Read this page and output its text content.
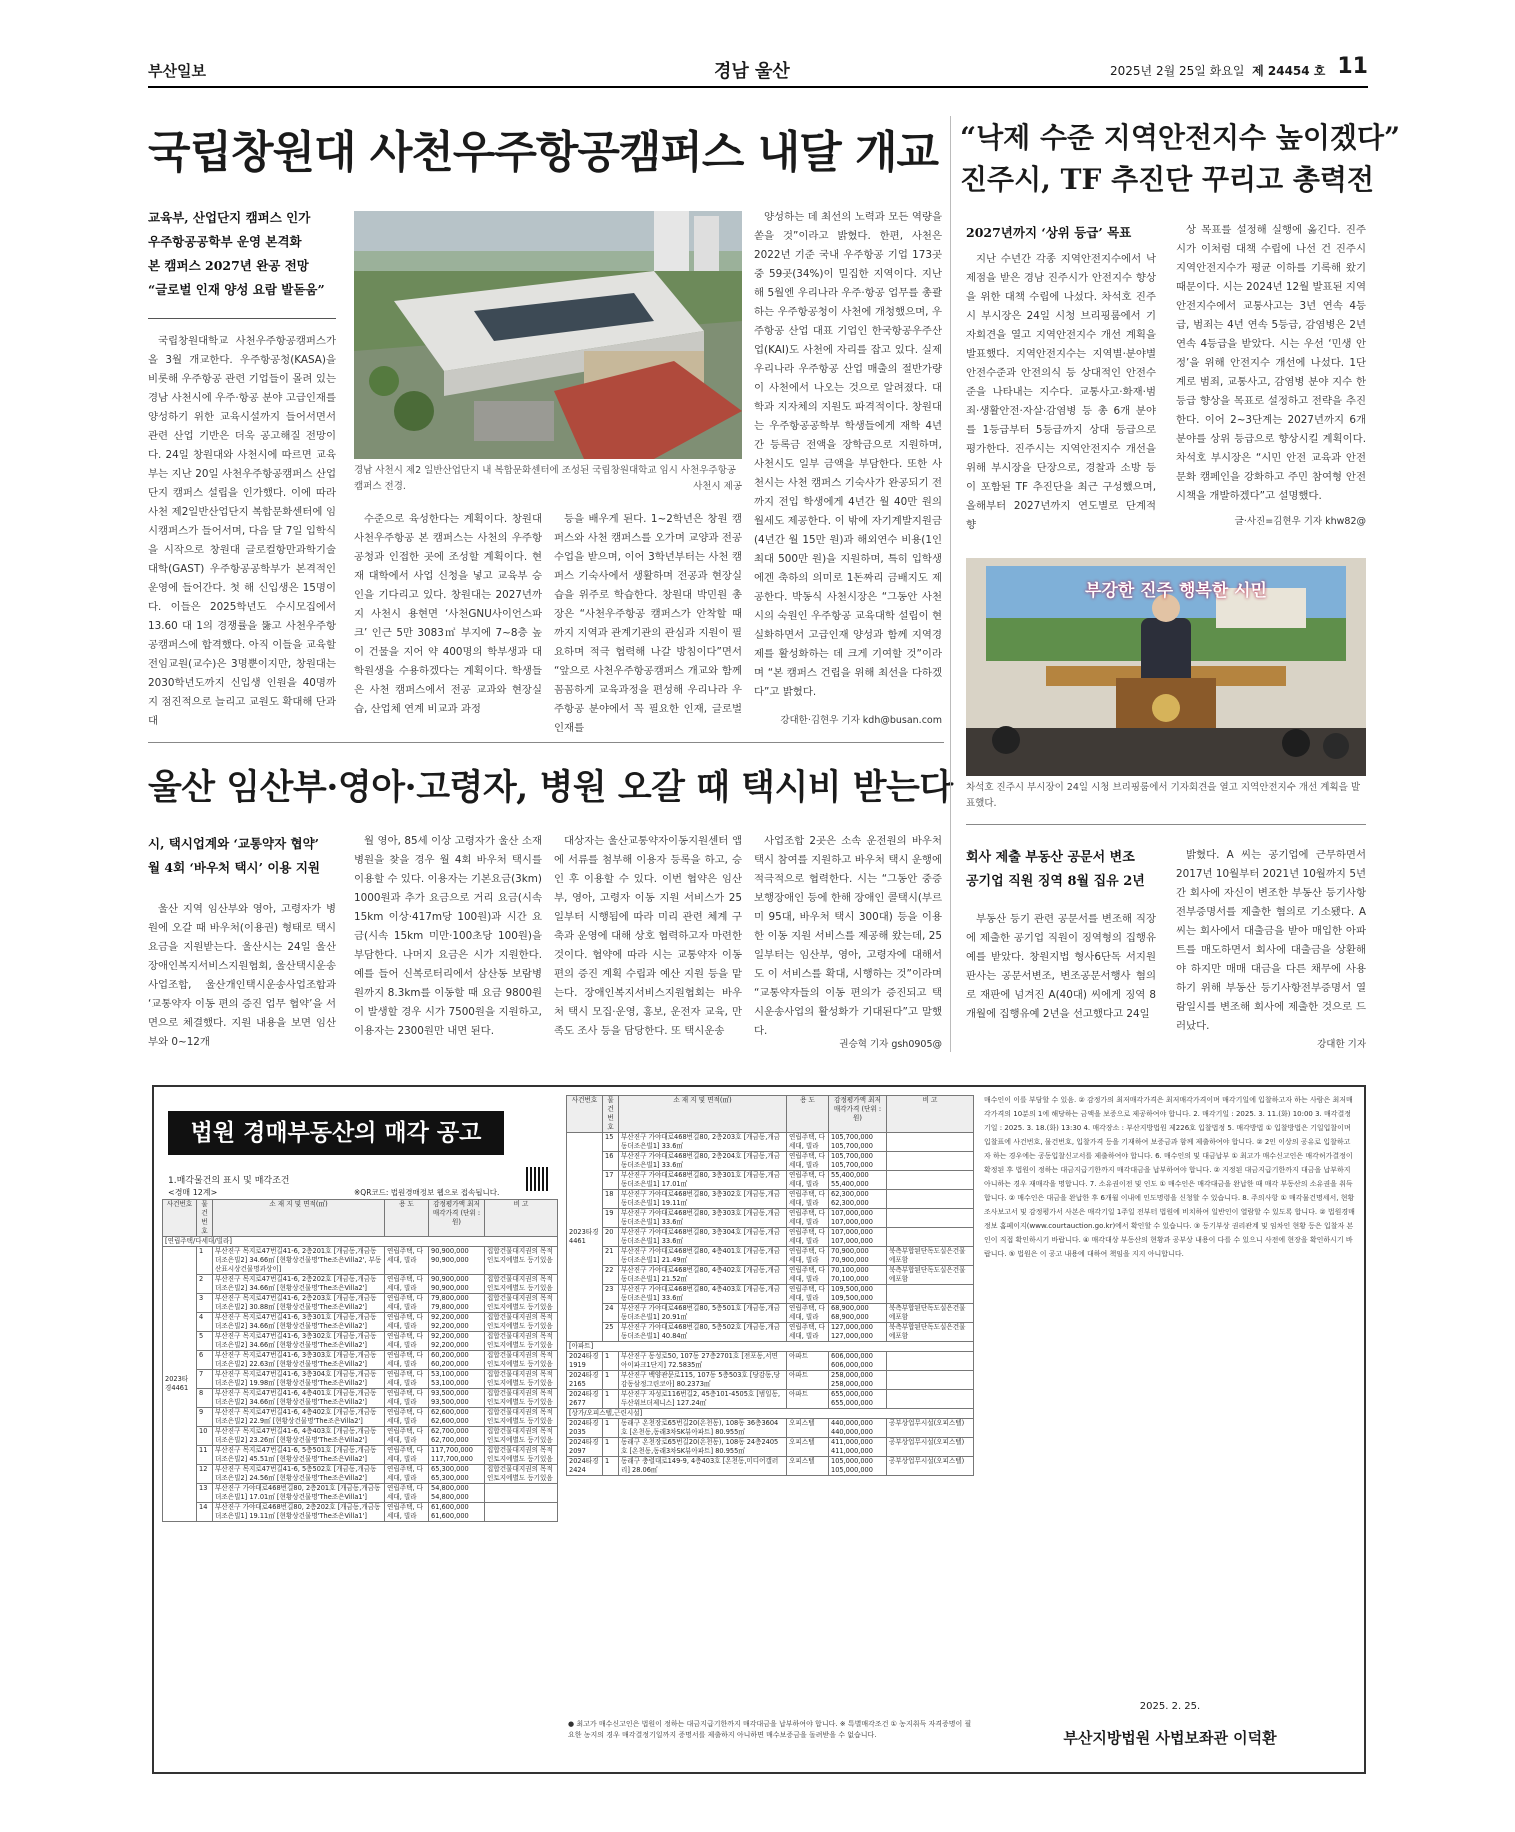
부산일보	경남 울산	2025년 2월 25일 화요일 제 24454 호 11
국립창원대 사천우주항공캠퍼스 내달 개교
교육부, 산업단지 캠퍼스 인가
우주항공공학부 운영 본격화
본 캠퍼스 2027년 완공 전망
“글로벌 인재 양성 요람 발돋움”

국립창원대학교 사천우주항공캠퍼스가 올 3월 개교한다. 우주항공청(KASA)을 비롯해 우주항공 관련 기업들이 몰려 있는 경남 사천시에 우주·항공 분야 고급인재를 양성하기 위한 교육시설까지 들어서면서 관련 산업 기반은 더욱 공고해질 전망이다. 24일 창원대와 사천시에 따르면 교육부는 지난 20일 사천우주항공캠퍼스 산업단지 캠퍼스 설립을 인가했다. 이에 따라 사천 제2일반산업단지 복합문화센터에 임시캠퍼스가 들어서며, 다음 달 7일 입학식을 시작으로 창원대 글로컬항만과학기술대학(GAST) 우주항공공학부가 본격적인 운영에 들어간다. 첫 해 신입생은 15명이다. 이들은 2025학년도 수시모집에서 13.60 대 1의 경쟁률을 뚫고 사천우주항공캠퍼스에 합격했다. 아직 이들을 교육할 전임교원(교수)은 3명뿐이지만, 창원대는 2030학년도까지 신입생 인원을 40명까지 점진적으로 늘리고 교원도 확대해 단과대

경남 사천시 제2 일반산업단지 내 복합문화센터에 조성된 국립창원대학교 임시 사천우주항공캠퍼스 전경.	사천시 제공

수준으로 육성한다는 계획이다. 창원대 사천우주항공 본 캠퍼스는 사천의 우주항공청과 인접한 곳에 조성할 계획이다. 현재 대학에서 사업 신청을 넣고 교육부 승인을 기다리고 있다. 창원대는 2027년까지 사천시 용현면 ‘사천GNU사이언스파크’ 인근 5만 3083㎡ 부지에 7~8층 높이 건물을 지어 약 400명의 학부생과 대학원생을 수용하겠다는 계획이다. 학생들은 사천 캠퍼스에서 전공 교과와 현장실습, 산업체 연계 비교과 과정

등을 배우게 된다. 1~2학년은 창원 캠퍼스와 사천 캠퍼스를 오가며 교양과 전공 수업을 받으며, 이어 3학년부터는 사천 캠퍼스 기숙사에서 생활하며 전공과 현장실습을 위주로 학습한다. 창원대 박민원 총장은 “사천우주항공 캠퍼스가 안착할 때까지 지역과 관계기관의 관심과 지원이 필요하며 적극 협력해 나갈 방침이다”면서 “앞으로 사천우주항공캠퍼스 개교와 함께 꼼꼼하게 교육과정을 편성해 우리나라 우주항공 분야에서 꼭 필요한 인재, 글로벌 인재를

양성하는 데 최선의 노력과 모든 역량을 쏟을 것”이라고 밝혔다. 한편, 사천은 2022년 기준 국내 우주항공 기업 173곳 중 59곳(34%)이 밀집한 지역이다. 지난해 5월엔 우리나라 우주·항공 업무를 총괄하는 우주항공청이 사천에 개청했으며, 우주항공 산업 대표 기업인 한국항공우주산업(KAI)도 사천에 자리를 잡고 있다. 실제 우리나라 우주항공 산업 매출의 절반가량이 사천에서 나오는 것으로 알려졌다. 대학과 지자체의 지원도 파격적이다. 창원대는 우주항공공학부 학생들에게 재학 4년간 등록금 전액을 장학금으로 지원하며, 사천시도 일부 금액을 부담한다. 또한 사천시는 사천 캠퍼스 기숙사가 완공되기 전까지 전입 학생에게 4년간 월 40만 원의 월세도 제공한다. 이 밖에 자기계발지원금(4년간 월 15만 원)과 해외연수 비용(1인 최대 500만 원)을 지원하며, 특히 입학생에겐 축하의 의미로 1돈짜리 금배지도 제공한다. 박동식 사천시장은 “그동안 사천시의 숙원인 우주항공 교육대학 설립이 현실화하면서 고급인재 양성과 함께 지역경제를 활성화하는 데 크게 기여할 것”이라며 “본 캠퍼스 건립을 위해 최선을 다하겠다”고 밝혔다.

강대한·김현우 기자 kdh@busan.com
울산 임산부·영아·고령자, 병원 오갈 때 택시비 받는다
시, 택시업계와 ‘교통약자 협약’
월 4회 ‘바우처 택시’ 이용 지원

울산 지역 임산부와 영아, 고령자가 병원에 오갈 때 바우처(이용권) 형태로 택시 요금을 지원받는다. 울산시는 24일 울산장애인복지서비스지원협회, 울산택시운송사업조합, 울산개인택시운송사업조합과 ‘교통약자 이동 편의 증진 업무 협약’을 서면으로 체결했다. 지원 내용을 보면 임산부와 0~12개

월 영아, 85세 이상 고령자가 울산 소재 병원을 찾을 경우 월 4회 바우처 택시를 이용할 수 있다. 이용자는 기본요금(3km) 1000원과 추가 요금으로 거리 요금(시속 15km 이상·417m당 100원)과 시간 요금(시속 15km 미만·100초당 100원)을 부담한다. 나머지 요금은 시가 지원한다. 예를 들어 신복로터리에서 삼산동 보람병원까지 8.3km를 이동할 때 요금 9800원이 발생할 경우 시가 7500원을 지원하고, 이용자는 2300원만 내면 된다.

대상자는 울산교통약자이동지원센터 앱에 서류를 첨부해 이용자 등록을 하고, 승인 후 이용할 수 있다. 이번 협약은 임산부, 영아, 고령자 이동 지원 서비스가 25일부터 시행됨에 따라 미리 관련 체계 구축과 운영에 대해 상호 협력하고자 마련한 것이다. 협약에 따라 시는 교통약자 이동 편의 증진 계획 수립과 예산 지원 등을 맡는다. 장애인복지서비스지원협회는 바우처 택시 모집·운영, 홍보, 운전자 교육, 만족도 조사 등을 담당한다. 또 택시운송

사업조합 2곳은 소속 운전원의 바우처 택시 참여를 지원하고 바우처 택시 운행에 적극적으로 협력한다. 시는 “그동안 중증보행장애인 등에 한해 장애인 콜택시(부르미 95대, 바우처 택시 300대) 등을 이용한 이동 지원 서비스를 제공해 왔는데, 25일부터는 임산부, 영아, 고령자에 대해서도 이 서비스를 확대, 시행하는 것”이라며 “교통약자들의 이동 편의가 증진되고 택시운송사업의 활성화가 기대된다”고 말했다.

권승혁 기자 gsh0905@
“낙제 수준 지역안전지수 높이겠다”
진주시, TF 추진단 꾸리고 총력전
2027년까지 ‘상위 등급’ 목표

지난 수년간 각종 지역안전지수에서 낙제점을 받은 경남 진주시가 안전지수 향상을 위한 대책 수립에 나섰다. 차석호 진주시 부시장은 24일 시청 브리핑룸에서 기자회견을 열고 지역안전지수 개선 계획을 발표했다. 지역안전지수는 지역별·분야별 안전수준과 안전의식 등 상대적인 안전수준을 나타내는 지수다. 교통사고·화재·범죄·생활안전·자살·감염병 등 총 6개 분야를 1등급부터 5등급까지 상대 등급으로 평가한다. 진주시는 지역안전지수 개선을 위해 부시장을 단장으로, 경찰과 소방 등이 포함된 TF 추진단을 최근 구성했으며, 올해부터 2027년까지 연도별로 단계적 향

상 목표를 설정해 실행에 옮긴다. 진주시가 이처럼 대책 수립에 나선 건 진주시 지역안전지수가 평균 이하를 기록해 왔기 때문이다. 시는 2024년 12월 발표된 지역안전지수에서 교통사고는 3년 연속 4등급, 범죄는 4년 연속 5등급, 감염병은 2년 연속 4등급을 받았다. 시는 우선 ‘민생 안정’을 위해 안전지수 개선에 나섰다. 1단계로 범죄, 교통사고, 감염병 분야 지수 한 등급 향상을 목표로 설정하고 전략을 추진한다. 이어 2~3단계는 2027년까지 6개 분야를 상위 등급으로 향상시킬 계획이다. 차석호 부시장은 “시민 안전 교육과 안전 문화 캠페인을 강화하고 주민 참여형 안전 시책을 개발하겠다”고 설명했다.

글·사진=김현우 기자 khw82@
부강한 진주 행복한 시민
차석호 진주시 부시장이 24일 시청 브리핑룸에서 기자회견을 열고 지역안전지수 개선 계획을 발표했다.
회사 제출 부동산 공문서 변조
공기업 직원 징역 8월 집유 2년

부동산 등기 관련 공문서를 변조해 직장에 제출한 공기업 직원이 징역형의 집행유예를 받았다. 창원지법 형사6단독 서지원 판사는 공문서변조, 변조공문서행사 혐의로 재판에 넘겨진 A(40대) 씨에게 징역 8개월에 집행유예 2년을 선고했다고 24일

밝혔다. A 씨는 공기업에 근무하면서 2017년 10월부터 2021년 10월까지 5년간 회사에 자신이 변조한 부동산 등기사항전부증명서를 제출한 혐의로 기소됐다. A 씨는 회사에서 대출금을 받아 매입한 아파트를 매도하면서 회사에 대출금을 상환해야 하지만 매매 대금을 다른 채무에 사용하기 위해 부동산 등기사항전부증명서 열람일시를 변조해 회사에 제출한 것으로 드러났다.

강대한 기자
법원 경매부동산의 매각 공고
1.매각물건의 표시 및 매각조건
<경매 12계>	※QR코드: 법원경매정보 웹으로 접속됩니다.
사건번호	물건번호	소 재 지 및 면적(㎡)	용 도	감정평가액 최저매각가격 (단위 : 원)	비 고
[연립주택/다세대/빌라]					
2023타경4461	1	부산진구 목지로47번길41-6, 2층201호 [개금동,개금동더조은빌2] 34.66㎡ [현황상건물명'The조은Villa2', 부동산표시상건물명과상이]	연립주택, 다세대, 빌라	90,900,000 90,900,000	집합건물대지권의 목적인토지에별도 등기있음
	2	부산진구 목지로47번길41-6, 2층202호 [개금동,개금동더조은빌2] 34.66㎡ [현황상건물명'The조은Villa2']	연립주택, 다세대, 빌라	90,900,000 90,900,000	집합건물대지권의 목적인토지에별도 등기있음
	3	부산진구 목지로47번길41-6, 2층203호 [개금동,개금동더조은빌2] 30.88㎡ [현황상건물명'The조은Villa2']	연립주택, 다세대, 빌라	79,800,000 79,800,000	집합건물대지권의 목적인토지에별도 등기있음
	4	부산진구 목지로47번길41-6, 3층301호 [개금동,개금동더조은빌2] 34.66㎡ [현황상건물명'The조은Villa2']	연립주택, 다세대, 빌라	92,200,000 92,200,000	집합건물대지권의 목적인토지에별도 등기있음
	5	부산진구 목지로47번길41-6, 3층302호 [개금동,개금동더조은빌2] 34.66㎡ [현황상건물명'The조은Villa2']	연립주택, 다세대, 빌라	92,200,000 92,200,000	집합건물대지권의 목적인토지에별도 등기있음
	6	부산진구 목지로47번길41-6, 3층303호 [개금동,개금동더조은빌2] 22.63㎡ [현황상건물명'The조은Villa2']	연립주택, 다세대, 빌라	60,200,000 60,200,000	집합건물대지권의 목적인토지에별도 등기있음
	7	부산진구 목지로47번길41-6, 3층304호 [개금동,개금동더조은빌2] 19.98㎡ [현황상건물명'The조은Villa2']	연립주택, 다세대, 빌라	53,100,000 53,100,000	집합건물대지권의 목적인토지에별도 등기있음
	8	부산진구 목지로47번길41-6, 4층401호 [개금동,개금동더조은빌2] 34.66㎡ [현황상건물명'The조은Villa2']	연립주택, 다세대, 빌라	93,500,000 93,500,000	집합건물대지권의 목적인토지에별도 등기있음
	9	부산진구 목지로47번길41-6, 4층402호 [개금동,개금동더조은빌2] 22.9㎡ [현황상건물명'The조은Villa2']	연립주택, 다세대, 빌라	62,600,000 62,600,000	집합건물대지권의 목적인토지에별도 등기있음
	10	부산진구 목지로47번길41-6, 4층403호 [개금동,개금동더조은빌2] 23.26㎡ [현황상건물명'The조은Villa2']	연립주택, 다세대, 빌라	62,700,000 62,700,000	집합건물대지권의 목적인토지에별도 등기있음
	11	부산진구 목지로47번길41-6, 5층501호 [개금동,개금동더조은빌2] 45.51㎡ [현황상건물명'The조은Villa2']	연립주택, 다세대, 빌라	117,700,000 117,700,000	집합건물대지권의 목적인토지에별도 등기있음
	12	부산진구 목지로47번길41-6, 5층502호 [개금동,개금동더조은빌2] 24.56㎡ [현황상건물명'The조은Villa2']	연립주택, 다세대, 빌라	65,300,000 65,300,000	집합건물대지권의 목적인토지에별도 등기있음
	13	부산진구 가야대로468번길80, 2층201호 [개금동,개금동더조은빌1] 17.01㎡ [현황상건물명'The조은Villa1']	연립주택, 다세대, 빌라	54,800,000 54,800,000	
	14	부산진구 가야대로468번길80, 2층202호 [개금동,개금동더조은빌1] 19.11㎡ [현황상건물명'The조은Villa1']	연립주택, 다세대, 빌라	61,600,000 61,600,000	
사건번호	물건번호	소 재 지 및 면적(㎡)	용 도	감정평가액 최저매각가격 (단위 : 원)	비 고
2023타경4461	15	부산진구 가야대로468번길80, 2층203호 [개금동,개금동더조은빌1] 33.6㎡	연립주택, 다세대, 빌라	105,700,000 105,700,000	
	16	부산진구 가야대로468번길80, 2층204호 [개금동,개금동더조은빌1] 33.6㎡	연립주택, 다세대, 빌라	105,700,000 105,700,000	
	17	부산진구 가야대로468번길80, 3층301호 [개금동,개금동더조은빌1] 17.01㎡	연립주택, 다세대, 빌라	55,400,000 55,400,000	
	18	부산진구 가야대로468번길80, 3층302호 [개금동,개금동더조은빌1] 19.11㎡	연립주택, 다세대, 빌라	62,300,000 62,300,000	
	19	부산진구 가야대로468번길80, 3층303호 [개금동,개금동더조은빌1] 33.6㎡	연립주택, 다세대, 빌라	107,000,000 107,000,000	
	20	부산진구 가야대로468번길80, 3층304호 [개금동,개금동더조은빌1] 33.6㎡	연립주택, 다세대, 빌라	107,000,000 107,000,000	
	21	부산진구 가야대로468번길80, 4층401호 [개금동,개금동더조은빌1] 21.49㎡	연립주택, 다세대, 빌라	70,900,000 70,900,000	북측부합된단독도실은건물에포함
	22	부산진구 가야대로468번길80, 4층402호 [개금동,개금동더조은빌1] 21.52㎡	연립주택, 다세대, 빌라	70,100,000 70,100,000	북측부합된단독도실은건물에포함
	23	부산진구 가야대로468번길80, 4층403호 [개금동,개금동더조은빌1] 33.6㎡	연립주택, 다세대, 빌라	109,500,000 109,500,000	
	24	부산진구 가야대로468번길80, 5층501호 [개금동,개금동더조은빌1] 20.91㎡	연립주택, 다세대, 빌라	68,900,000 68,900,000	북측부합된단독도실은건물에포함
	25	부산진구 가야대로468번길80, 5층502호 [개금동,개금동더조은빌1] 40.84㎡	연립주택, 다세대, 빌라	127,000,000 127,000,000	북측부합된단독도실은건물에포함
[아파트]					
2024타경1919	1	부산진구 동성로50, 107동 27층2701호 [전포동,서면아이파크1단지] 72.5835㎡	아파트	606,000,000 606,000,000	
2024타경2165	1	부산진구 백양관문로115, 107동 5층503호 [당감동,당감동삼정그린코아] 80.2373㎡	아파트	258,000,000 258,000,000	
2024타경2677	1	부산진구 자성로116번길2, 45층101-4505호 [범일동,두산위브더제니스] 127.24㎡	아파트	655,000,000 655,000,000	
[상가/오피스텔,근린시설]					
2024타경2035	1	동래구 온천장로65번길20(온천동), 108동 36층3604호 [온천동,동래3차SK뷰아파트] 80.955㎡	오피스텔	440,000,000 440,000,000	공부상업무시설(오피스텔)
2024타경2097	1	동래구 온천장로65번길20(온천동), 108동 24층2405호 [온천동,동래3차SK뷰아파트] 80.955㎡	오피스텔	411,000,000 411,000,000	공부상업무시설(오피스텔)
2024타경2424	1	동래구 충렬대로149-9, 4층403호 [온천동,미디어갤러리] 28.06㎡	오피스텔	105,000,000 105,000,000	공부상업무시설(오피스텔)
● 최고가 매수신고인은 법원이 정하는 대금지급기한까지 매각대금을 납부하여야 합니다. ※ 특별매각조건 ① 농지취득 자격증명이 필요한 농지의 경우 매각결정기일까지 증명서를 제출하지 아니하면 매수보증금을 돌려받을 수 없습니다.
매수인이 이를 부담할 수 있음. ② 감정가의 최저매각가격은 최저매각가격이며 매각기일에 입찰하고자 하는 사람은 최저매각가격의 10분의 1에 해당하는 금액을 보증으로 제공하여야 합니다. 2. 매각기일 : 2025. 3. 11.(화) 10:00 3. 매각결정기일 : 2025. 3. 18.(화) 13:30 4. 매각장소 : 부산지방법원 제226호 입찰법정 5. 매각방법 ① 입찰방법은 기일입찰이며 입찰표에 사건번호, 물건번호, 입찰가격 등을 기재하여 보증금과 함께 제출하여야 합니다. ② 2인 이상의 공유로 입찰하고자 하는 경우에는 공동입찰신고서를 제출하여야 합니다. 6. 매수인의 및 대금납부 ① 최고가 매수신고인은 매각허가결정이 확정된 후 법원이 정하는 대금지급기한까지 매각대금을 납부하여야 합니다. ② 지정된 대금지급기한까지 대금을 납부하지 아니하는 경우 재매각을 명합니다. 7. 소유권이전 및 인도 ① 매수인은 매각대금을 완납한 때 매각 부동산의 소유권을 취득합니다. ② 매수인은 대금을 완납한 후 6개월 이내에 인도명령을 신청할 수 있습니다. 8. 주의사항 ① 매각물건명세서, 현황조사보고서 및 감정평가서 사본은 매각기일 1주일 전부터 법원에 비치하여 일반인이 열람할 수 있도록 합니다. ② 법원경매정보 홈페이지(www.courtauction.go.kr)에서 확인할 수 있습니다. ③ 등기부상 권리관계 및 임차인 현황 등은 입찰자 본인이 직접 확인하시기 바랍니다. ④ 매각대상 부동산의 현황과 공부상 내용이 다를 수 있으니 사전에 현장을 확인하시기 바랍니다. ⑤ 법원은 이 공고 내용에 대하여 책임을 지지 아니합니다.
2025. 2. 25.
부산지방법원 사법보좌관 이덕환
